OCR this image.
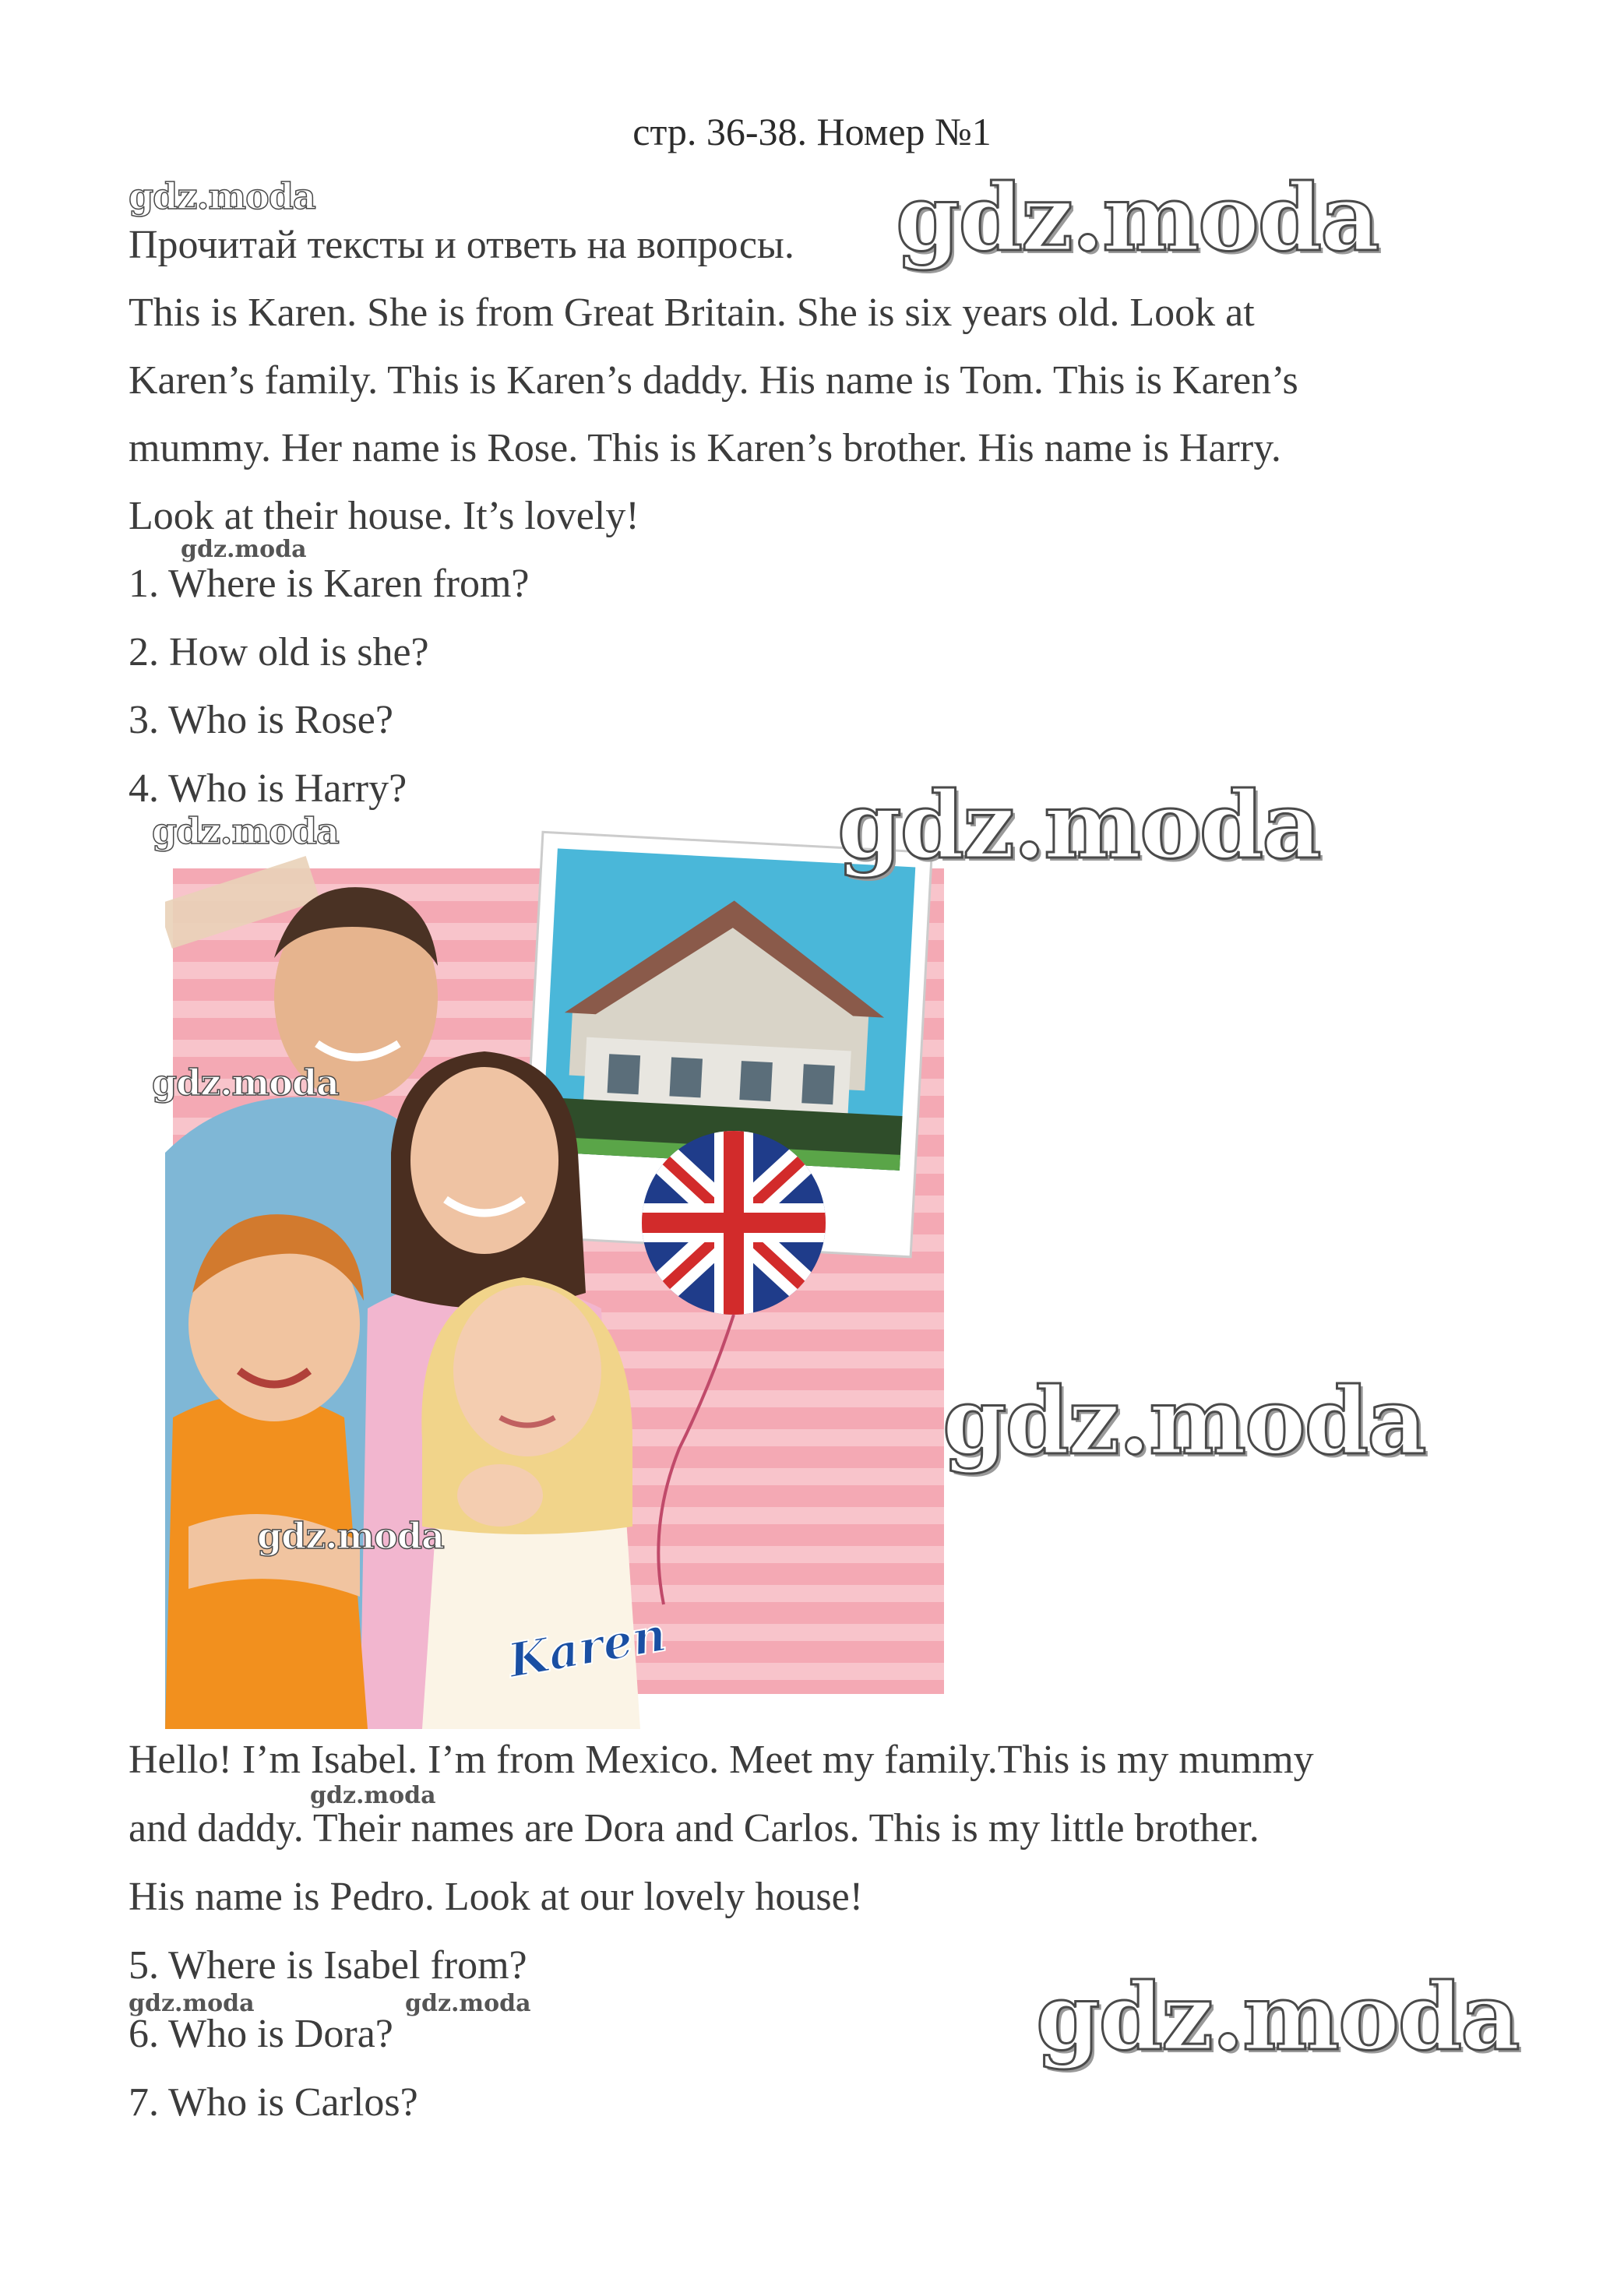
стр. 36-38. Номер №1
Прочитай тексты и ответь на вопросы.
This is Karen. She is from Great Britain. She is six years old. Look at
Karen’s family. This is Karen’s daddy. His name is Tom. This is Karen’s
mummy. Her name is Rose. This is Karen’s brother. His name is Harry.
Look at their house. It’s lovely!
1. Where is Karen from?
2. How old is she?
3. Who is Rose?
4. Who is Harry?
Karen
Hello! I’m Isabel. I’m from Mexico. Meet my family.This is my mummy
and daddy. Their names are Dora and Carlos. This is my little brother.
His name is Pedro. Look at our lovely house!
5. Where is Isabel from?
6. Who is Dora?
7. Who is Carlos?
gdz.moda	gdz.moda
gdz.moda
gdz.moda	gdz.moda
gdz.moda
gdz.moda
gdz.moda
gdz.moda
gdz.moda	gdz.moda	gdz.moda
